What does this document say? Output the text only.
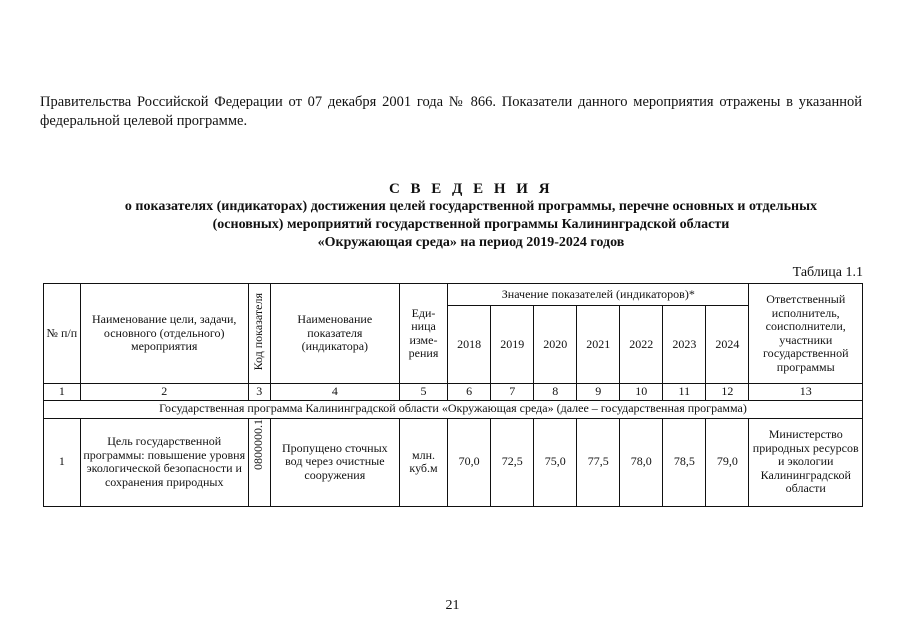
Правительства Российской Федерации от 07 декабря 2001 года № 866. Показатели данного мероприятия отражены в указанной федеральной целевой программе.
С В Е Д Е Н И Я
о показателях (индикаторах) достижения целей государственной программы, перечне основных и отдельных
(основных) мероприятий государственной программы Калининградской области
«Окружающая среда» на период 2019-2024 годов
Таблица 1.1
№ п/п	Наименование цели, задачи, основного (отдельного) мероприятия	Код показателя	Наименование показателя (индикатора)	Еди-ница изме-рения	Значение показателей (индикаторов)*							Ответственный исполнитель, соисполнители, участники государственной программы
					2018	2019	2020	2021	2022	2023	2024	
1	2	3	4	5	6	7	8	9	10	11	12	13
Государственная программа Калининградской области «Окружающая среда» (далее – государственная программа)												
1	Цель государственной программы: повышение уровня экологической безопасности и сохранения природных	0800000.1	Пропущено сточных вод через очистные сооружения	млн. куб.м	70,0	72,5	75,0	77,5	78,0	78,5	79,0	Министерство природных ресурсов и экологии Калининградской области
21
